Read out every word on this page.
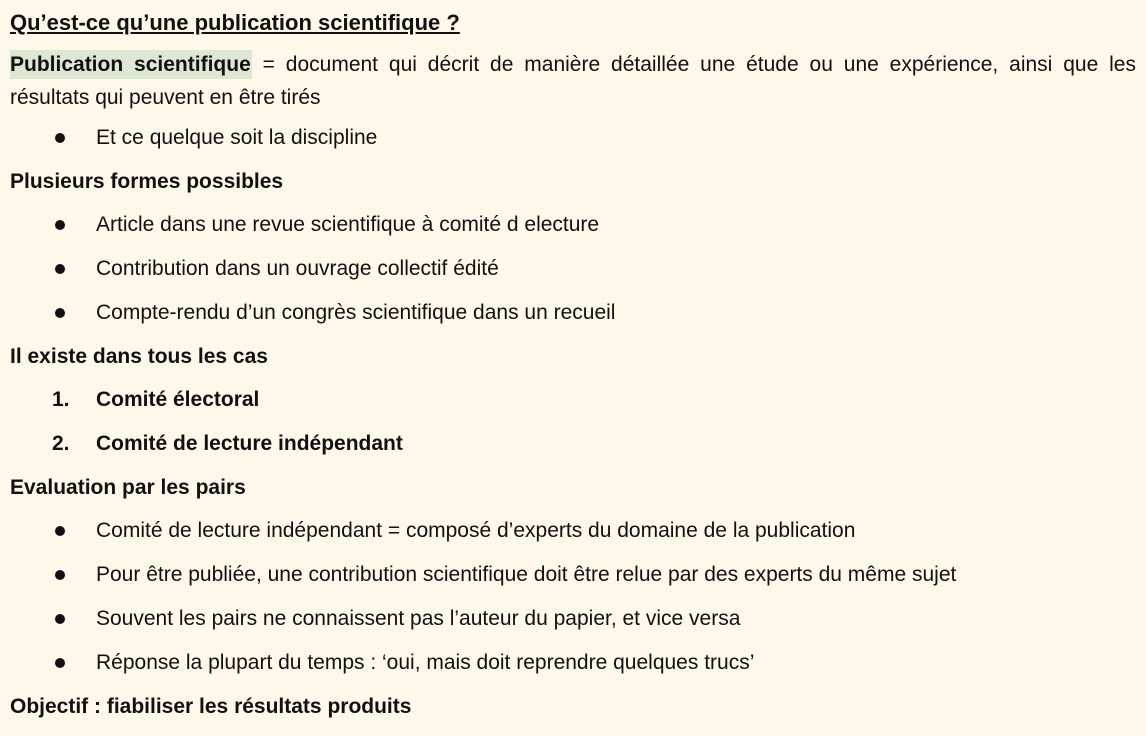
Qu’est-ce qu’une publication scientifique ?
Publication scientifique = document qui décrit de manière détaillée une étude ou une expérience, ainsi que les résultats qui peuvent en être tirés
Et ce quelque soit la discipline
Plusieurs formes possibles
Article dans une revue scientifique à comité d electure
Contribution dans un ouvrage collectif édité
Compte-rendu d’un congrès scientifique dans un recueil
Il existe dans tous les cas
1. Comité électoral
2. Comité de lecture indépendant
Evaluation par les pairs
Comité de lecture indépendant = composé d’experts du domaine de la publication
Pour être publiée, une contribution scientifique doit être relue par des experts du même sujet
Souvent les pairs ne connaissent pas l’auteur du papier, et vice versa
Réponse la plupart du temps : ‘oui, mais doit reprendre quelques trucs’
Objectif : fiabiliser les résultats produits
